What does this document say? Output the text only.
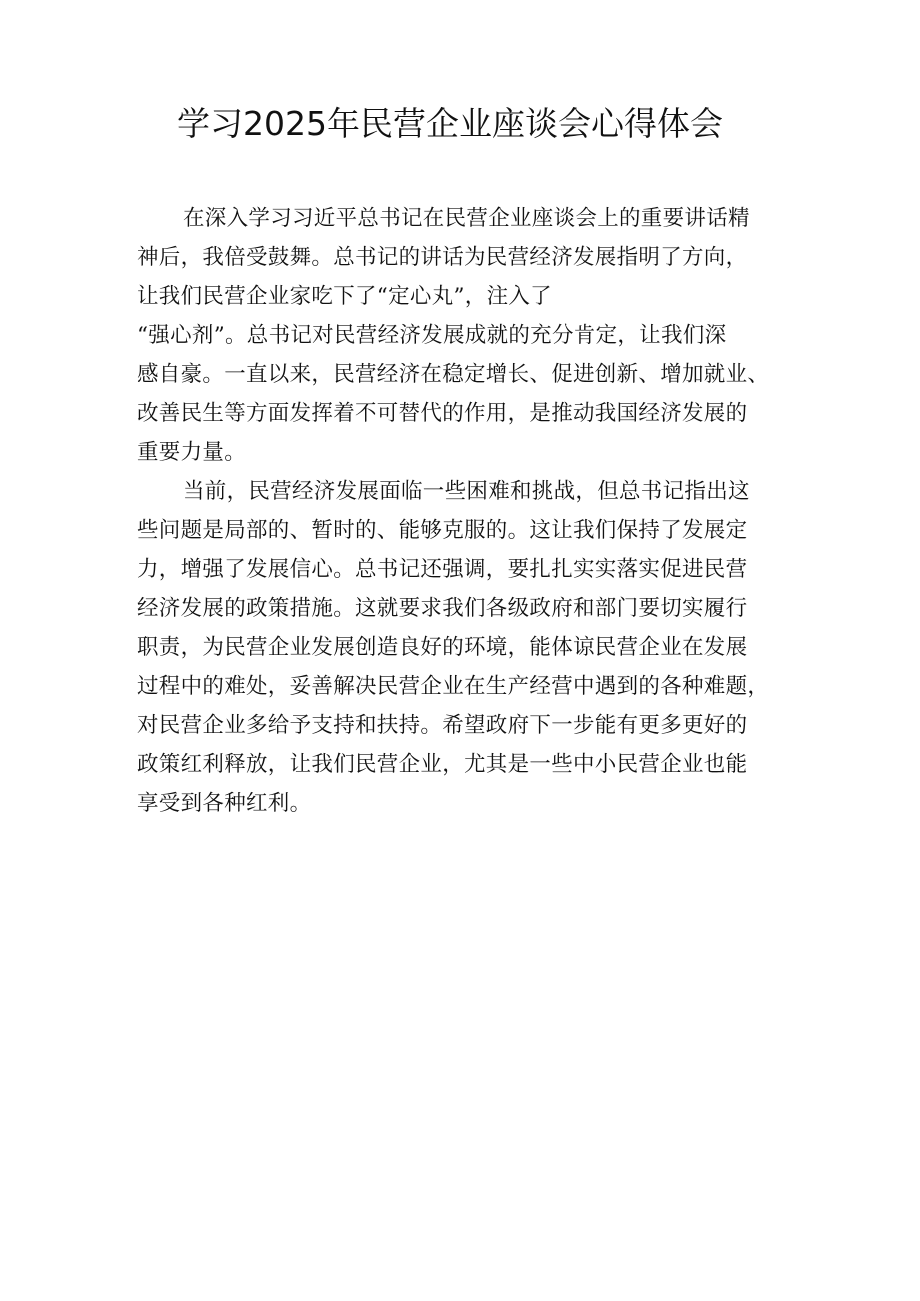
学习2025年民营企业座谈会心得体会
在深入学习习近平总书记在民营企业座谈会上的重要讲话精
神后，我倍受鼓舞。总书记的讲话为民营经济发展指明了方向，
让我们民营企业家吃下了“定心丸”，注入了
“强心剂”。总书记对民营经济发展成就的充分肯定，让我们深
感自豪。一直以来，民营经济在稳定增长、促进创新、增加就业、
改善民生等方面发挥着不可替代的作用，是推动我国经济发展的
重要力量。
当前，民营经济发展面临一些困难和挑战，但总书记指出这
些问题是局部的、暂时的、能够克服的。这让我们保持了发展定
力，增强了发展信心。总书记还强调，要扎扎实实落实促进民营
经济发展的政策措施。这就要求我们各级政府和部门要切实履行
职责，为民营企业发展创造良好的环境，能体谅民营企业在发展
过程中的难处，妥善解决民营企业在生产经营中遇到的各种难题，
对民营企业多给予支持和扶持。希望政府下一步能有更多更好的
政策红利释放，让我们民营企业，尤其是一些中小民营企业也能
享受到各种红利。
